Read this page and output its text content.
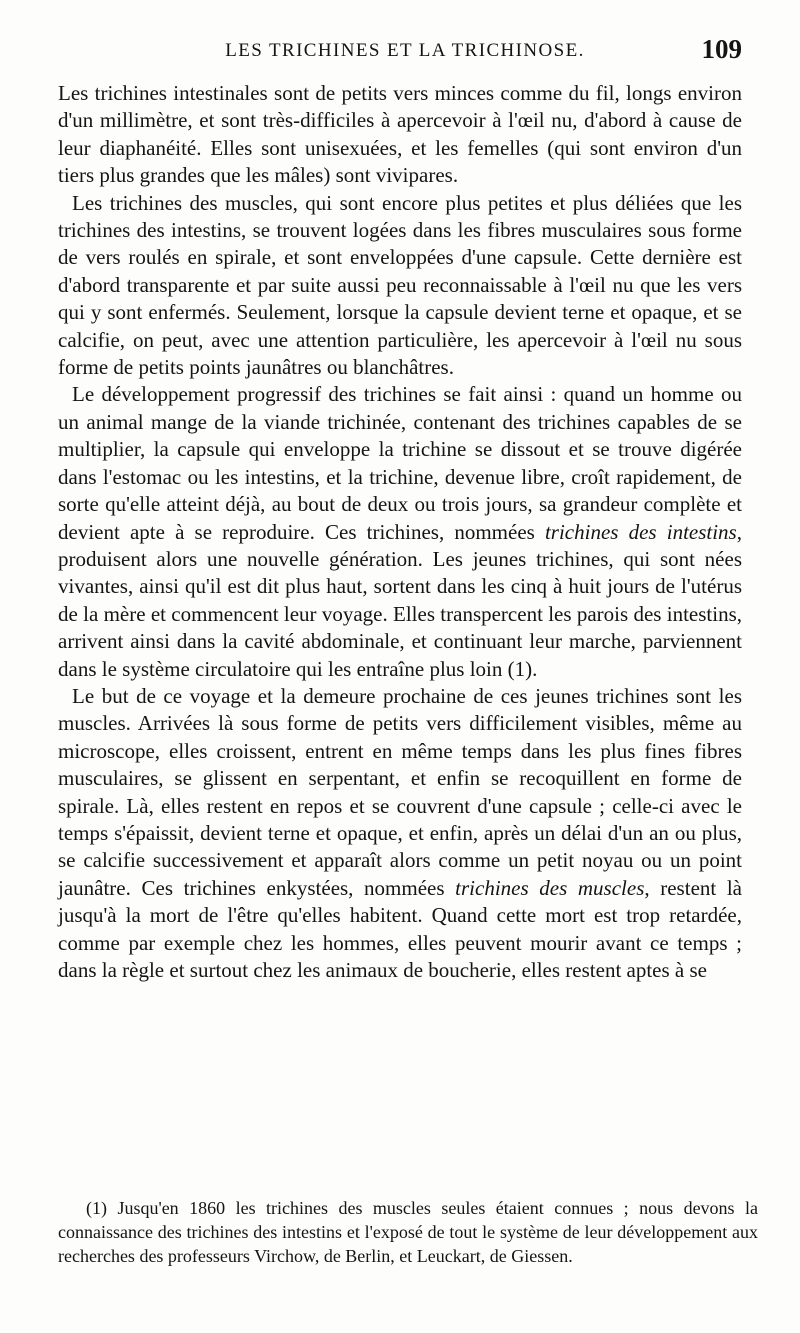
LES TRICHINES ET LA TRICHINOSE.	109

Les trichines intestinales sont de petits vers minces comme du fil, longs environ d'un millimètre, et sont très-difficiles à apercevoir à l'œil nu, d'abord à cause de leur diaphanéité. Elles sont unisexuées, et les femelles (qui sont environ d'un tiers plus grandes que les mâles) sont vivipares.

Les trichines des muscles, qui sont encore plus petites et plus déliées que les trichines des intestins, se trouvent logées dans les fibres musculaires sous forme de vers roulés en spirale, et sont enveloppées d'une capsule. Cette dernière est d'abord transparente et par suite aussi peu reconnaissable à l'œil nu que les vers qui y sont enfermés. Seulement, lorsque la capsule devient terne et opaque, et se calcifie, on peut, avec une attention particulière, les apercevoir à l'œil nu sous forme de petits points jaunâtres ou blanchâtres.

Le développement progressif des trichines se fait ainsi : quand un homme ou un animal mange de la viande trichinée, contenant des trichines capables de se multiplier, la capsule qui enveloppe la trichine se dissout et se trouve digérée dans l'estomac ou les intestins, et la trichine, devenue libre, croît rapidement, de sorte qu'elle atteint déjà, au bout de deux ou trois jours, sa grandeur complète et devient apte à se reproduire. Ces trichines, nommées trichines des intestins, produisent alors une nouvelle génération. Les jeunes trichines, qui sont nées vivantes, ainsi qu'il est dit plus haut, sortent dans les cinq à huit jours de l'utérus de la mère et commencent leur voyage. Elles transpercent les parois des intestins, arrivent ainsi dans la cavité abdominale, et continuant leur marche, parviennent dans le système circulatoire qui les entraîne plus loin (1).

Le but de ce voyage et la demeure prochaine de ces jeunes trichines sont les muscles. Arrivées là sous forme de petits vers difficilement visibles, même au microscope, elles croissent, entrent en même temps dans les plus fines fibres musculaires, se glissent en serpentant, et enfin se recoquillent en forme de spirale. Là, elles restent en repos et se couvrent d'une capsule ; celle-ci avec le temps s'épaissit, devient terne et opaque, et enfin, après un délai d'un an ou plus, se calcifie successivement et apparaît alors comme un petit noyau ou un point jaunâtre. Ces trichines enkystées, nommées trichines des muscles, restent là jusqu'à la mort de l'être qu'elles habitent. Quand cette mort est trop retardée, comme par exemple chez les hommes, elles peuvent mourir avant ce temps ; dans la règle et surtout chez les animaux de boucherie, elles restent aptes à se

(1) Jusqu'en 1860 les trichines des muscles seules étaient connues ; nous devons la connaissance des trichines des intestins et l'exposé de tout le système de leur développement aux recherches des professeurs Virchow, de Berlin, et Leuckart, de Giessen.
